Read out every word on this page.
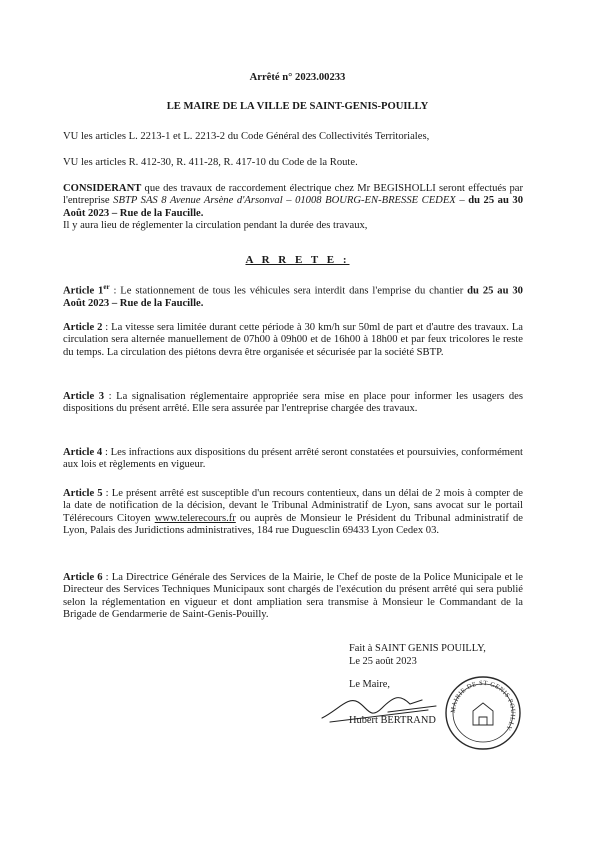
Arrêté n° 2023.00233
LE MAIRE DE LA VILLE DE SAINT-GENIS-POUILLY
VU les articles L. 2213-1 et L. 2213-2 du Code Général des Collectivités Territoriales,
VU les articles R. 412-30, R. 411-28, R. 417-10 du Code de la Route.
CONSIDERANT que des travaux de raccordement électrique chez Mr BEGISHOLLI seront effectués par l'entreprise SBTP SAS 8 Avenue Arsène d'Arsonval – 01008 BOURG-EN-BRESSE CEDEX – du 25 au 30 Août 2023 – Rue de la Faucille.
Il y aura lieu de réglementer la circulation pendant la durée des travaux,
A R R E T E :
Article 1er : Le stationnement de tous les véhicules sera interdit dans l'emprise du chantier du 25 au 30 Août 2023 – Rue de la Faucille.
Article 2 : La vitesse sera limitée durant cette période à 30 km/h sur 50ml de part et d'autre des travaux. La circulation sera alternée manuellement de 07h00 à 09h00 et de 16h00 à 18h00 et par feux tricolores le reste du temps. La circulation des piétons devra être organisée et sécurisée par la société SBTP.
Article 3 : La signalisation réglementaire appropriée sera mise en place pour informer les usagers des dispositions du présent arrêté. Elle sera assurée par l'entreprise chargée des travaux.
Article 4 : Les infractions aux dispositions du présent arrêté seront constatées et poursuivies, conformément aux lois et règlements en vigueur.
Article 5 : Le présent arrêté est susceptible d'un recours contentieux, dans un délai de 2 mois à compter de la date de notification de la décision, devant le Tribunal Administratif de Lyon, sans avocat sur le portail Télérecours Citoyen www.telerecours.fr ou auprès de Monsieur le Président du Tribunal administratif de Lyon, Palais des Juridictions administratives, 184 rue Duguesclin 69433 Lyon Cedex 03.
Article 6 : La Directrice Générale des Services de la Mairie, le Chef de poste de la Police Municipale et le Directeur des Services Techniques Municipaux sont chargés de l'exécution du présent arrêté qui sera publié selon la réglementation en vigueur et dont ampliation sera transmise à Monsieur le Commandant de la Brigade de Gendarmerie de Saint-Genis-Pouilly.
Fait à SAINT GENIS POUILLY,
Le 25 août 2023
Le Maire,
Hubert BERTRAND
MAIRIE DE ST GENIS POUILLY
